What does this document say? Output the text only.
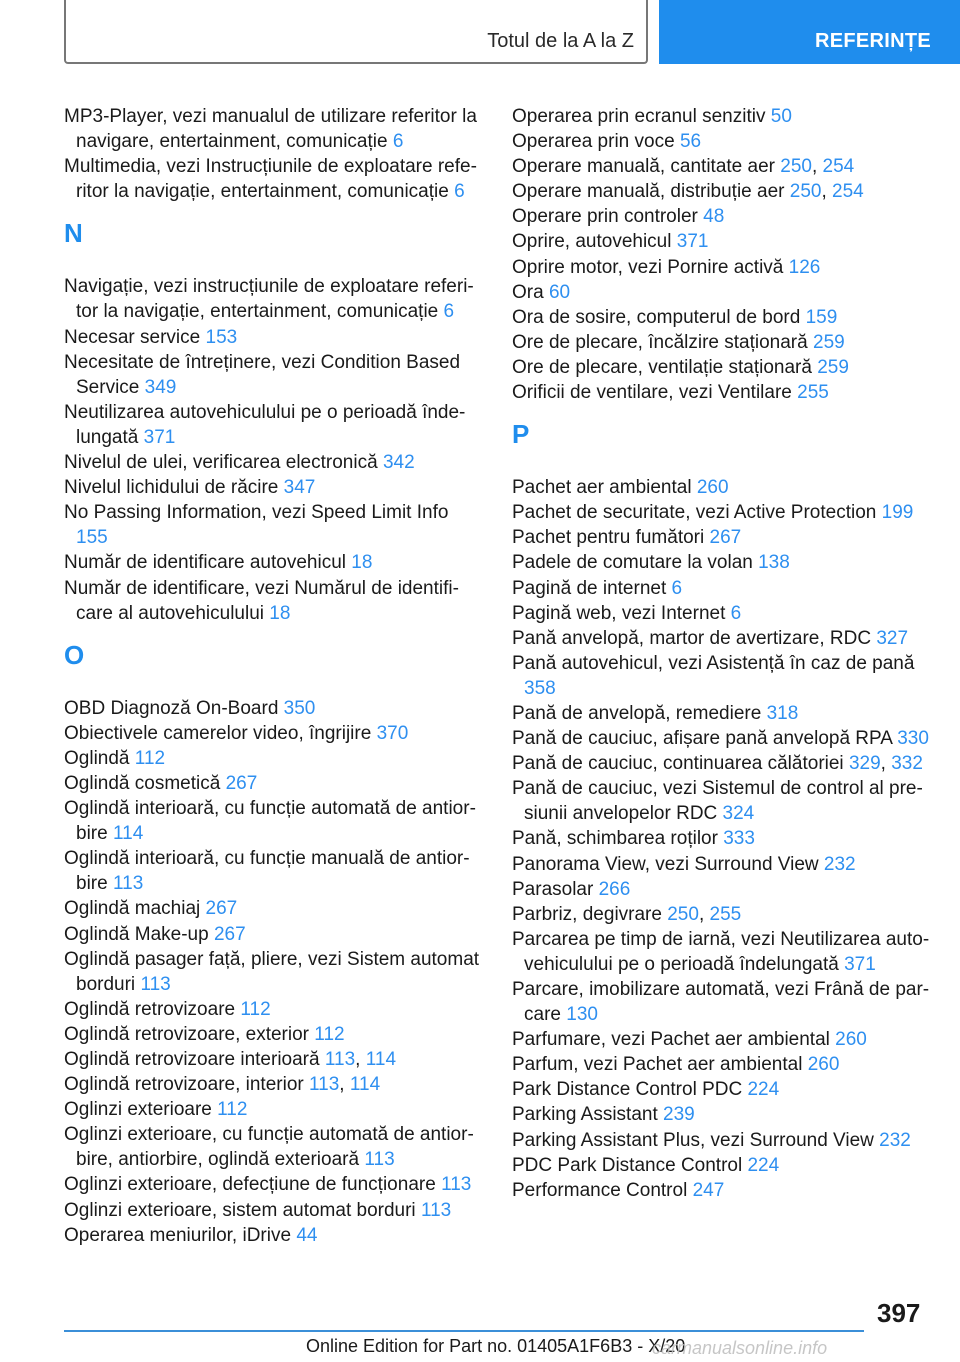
Totul de la A la Z	REFERINȚE
MP3-Player, vezi manualul de utilizare referitor la navigare, entertainment, comunicație 6
Multimedia, vezi Instrucțiunile de exploatare refe‐ritor la navigație, entertainment, comunicație 6
N
Navigație, vezi instrucțiunile de exploatare referi‐tor la navigație, entertainment, comunicație 6
Necesar service 153
Necesitate de întreținere, vezi Condition Based Service 349
Neutilizarea autovehiculului pe o perioadă înde‐lungată 371
Nivelul de ulei, verificarea electronică 342
Nivelul lichidului de răcire 347
No Passing Information, vezi Speed Limit Info 155
Număr de identificare autovehicul 18
Număr de identificare, vezi Numărul de identifi‐care al autovehiculului 18
O
OBD Diagnoză On-Board 350
Obiectivele camerelor video, îngrijire 370
Oglindă 112
Oglindă cosmetică 267
Oglindă interioară, cu funcție automată de antior‐bire 114
Oglindă interioară, cu funcție manuală de antior‐bire 113
Oglindă machiaj 267
Oglindă Make-up 267
Oglindă pasager față, pliere, vezi Sistem automat borduri 113
Oglindă retrovizoare 112
Oglindă retrovizoare, exterior 112
Oglindă retrovizoare interioară 113, 114
Oglindă retrovizoare, interior 113, 114
Oglinzi exterioare 112
Oglinzi exterioare, cu funcție automată de antior‐bire, antiorbire, oglindă exterioară 113
Oglinzi exterioare, defecțiune de funcționare 113
Oglinzi exterioare, sistem automat borduri 113
Operarea meniurilor, iDrive 44
Operarea prin ecranul senzitiv 50
Operarea prin voce 56
Operare manuală, cantitate aer 250, 254
Operare manuală, distribuție aer 250, 254
Operare prin controler 48
Oprire, autovehicul 371
Oprire motor, vezi Pornire activă 126
Ora 60
Ora de sosire, computerul de bord 159
Ore de plecare, încălzire staționară 259
Ore de plecare, ventilație staționară 259
Orificii de ventilare, vezi Ventilare 255
P
Pachet aer ambiental 260
Pachet de securitate, vezi Active Protection 199
Pachet pentru fumători 267
Padele de comutare la volan 138
Pagină de internet 6
Pagină web, vezi Internet 6
Pană anvelopă, martor de avertizare, RDC 327
Pană autovehicul, vezi Asistență în caz de pană 358
Pană de anvelopă, remediere 318
Pană de cauciuc, afișare pană anvelopă RPA 330
Pană de cauciuc, continuarea călătoriei 329, 332
Pană de cauciuc, vezi Sistemul de control al pre‐siunii anvelopelor RDC 324
Pană, schimbarea roților 333
Panorama View, vezi Surround View 232
Parasolar 266
Parbriz, degivrare 250, 255
Parcarea pe timp de iarnă, vezi Neutilizarea auto‐vehiculului pe o perioadă îndelungată 371
Parcare, imobilizare automată, vezi Frână de par‐care 130
Parfumare, vezi Pachet aer ambiental 260
Parfum, vezi Pachet aer ambiental 260
Park Distance Control PDC 224
Parking Assistant 239
Parking Assistant Plus, vezi Surround View 232
PDC Park Distance Control 224
Performance Control 247
397
Online Edition for Part no. 01405A1F6B3 - X/20
carmanualsonline.info
